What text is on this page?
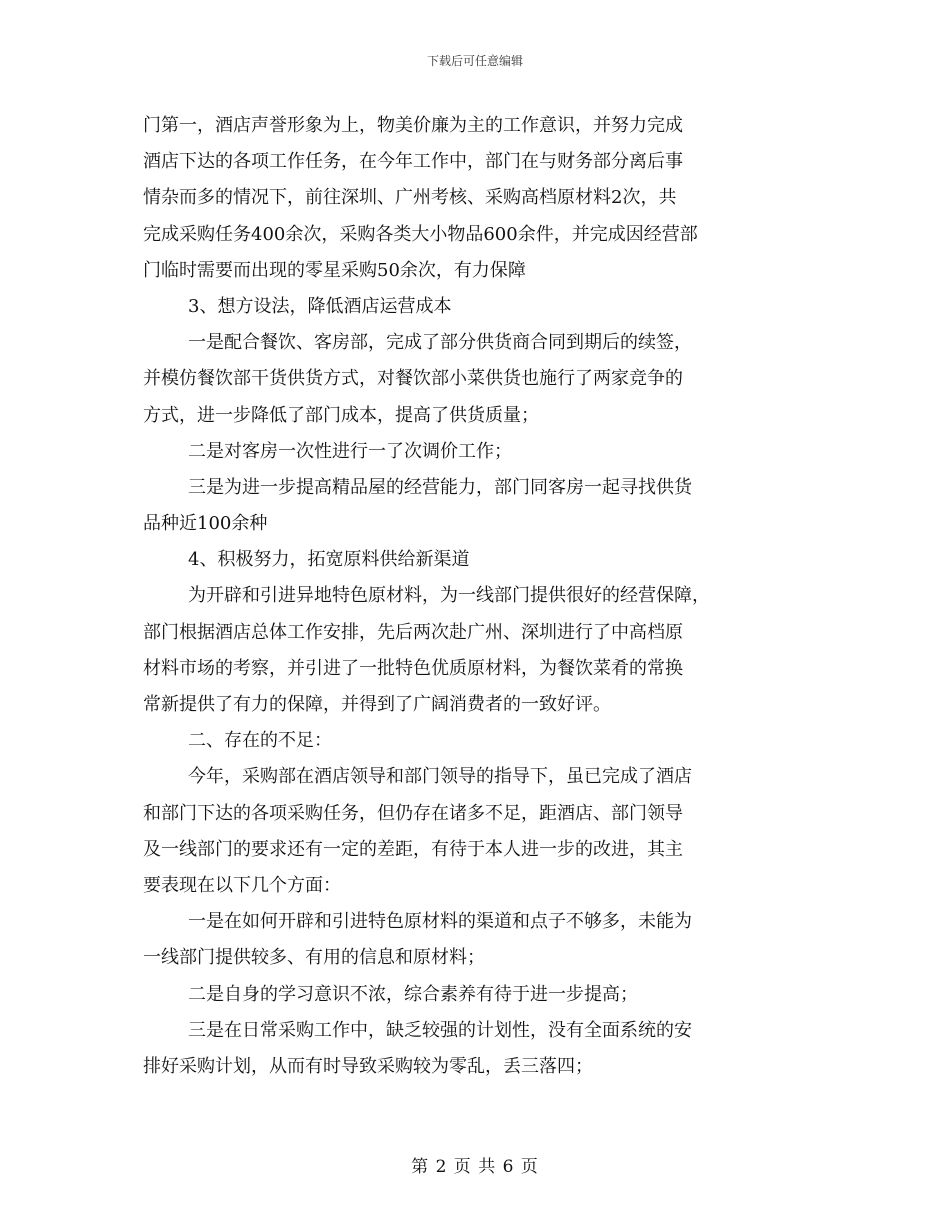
下载后可任意编辑
门第一，酒店声誉形象为上，物美价廉为主的工作意识，并努力完成
酒店下达的各项工作任务，在今年工作中，部门在与财务部分离后事
情杂而多的情况下，前往深圳、广州考核、采购高档原材料2次，共
完成采购任务400余次，采购各类大小物品600余件，并完成因经营部
门临时需要而出现的零星采购50余次，有力保障
3、想方设法，降低酒店运营成本
一是配合餐饮、客房部，完成了部分供货商合同到期后的续签，
并模仿餐饮部干货供货方式，对餐饮部小菜供货也施行了两家竞争的
方式，进一步降低了部门成本，提高了供货质量；
二是对客房一次性进行一了次调价工作；
三是为进一步提高精品屋的经营能力，部门同客房一起寻找供货
品种近100余种
4、积极努力，拓宽原料供给新渠道
为开辟和引进异地特色原材料，为一线部门提供很好的经营保障，
部门根据酒店总体工作安排，先后两次赴广州、深圳进行了中高档原
材料市场的考察，并引进了一批特色优质原材料，为餐饮菜肴的常换
常新提供了有力的保障，并得到了广阔消费者的一致好评。
二、存在的不足：
今年，采购部在酒店领导和部门领导的指导下，虽已完成了酒店
和部门下达的各项采购任务，但仍存在诸多不足，距酒店、部门领导
及一线部门的要求还有一定的差距，有待于本人进一步的改进，其主
要表现在以下几个方面：
一是在如何开辟和引进特色原材料的渠道和点子不够多，未能为
一线部门提供较多、有用的信息和原材料；
二是自身的学习意识不浓，综合素养有待于进一步提高；
三是在日常采购工作中，缺乏较强的计划性，没有全面系统的安
排好采购计划，从而有时导致采购较为零乱，丢三落四；
第 2 页 共 6 页
